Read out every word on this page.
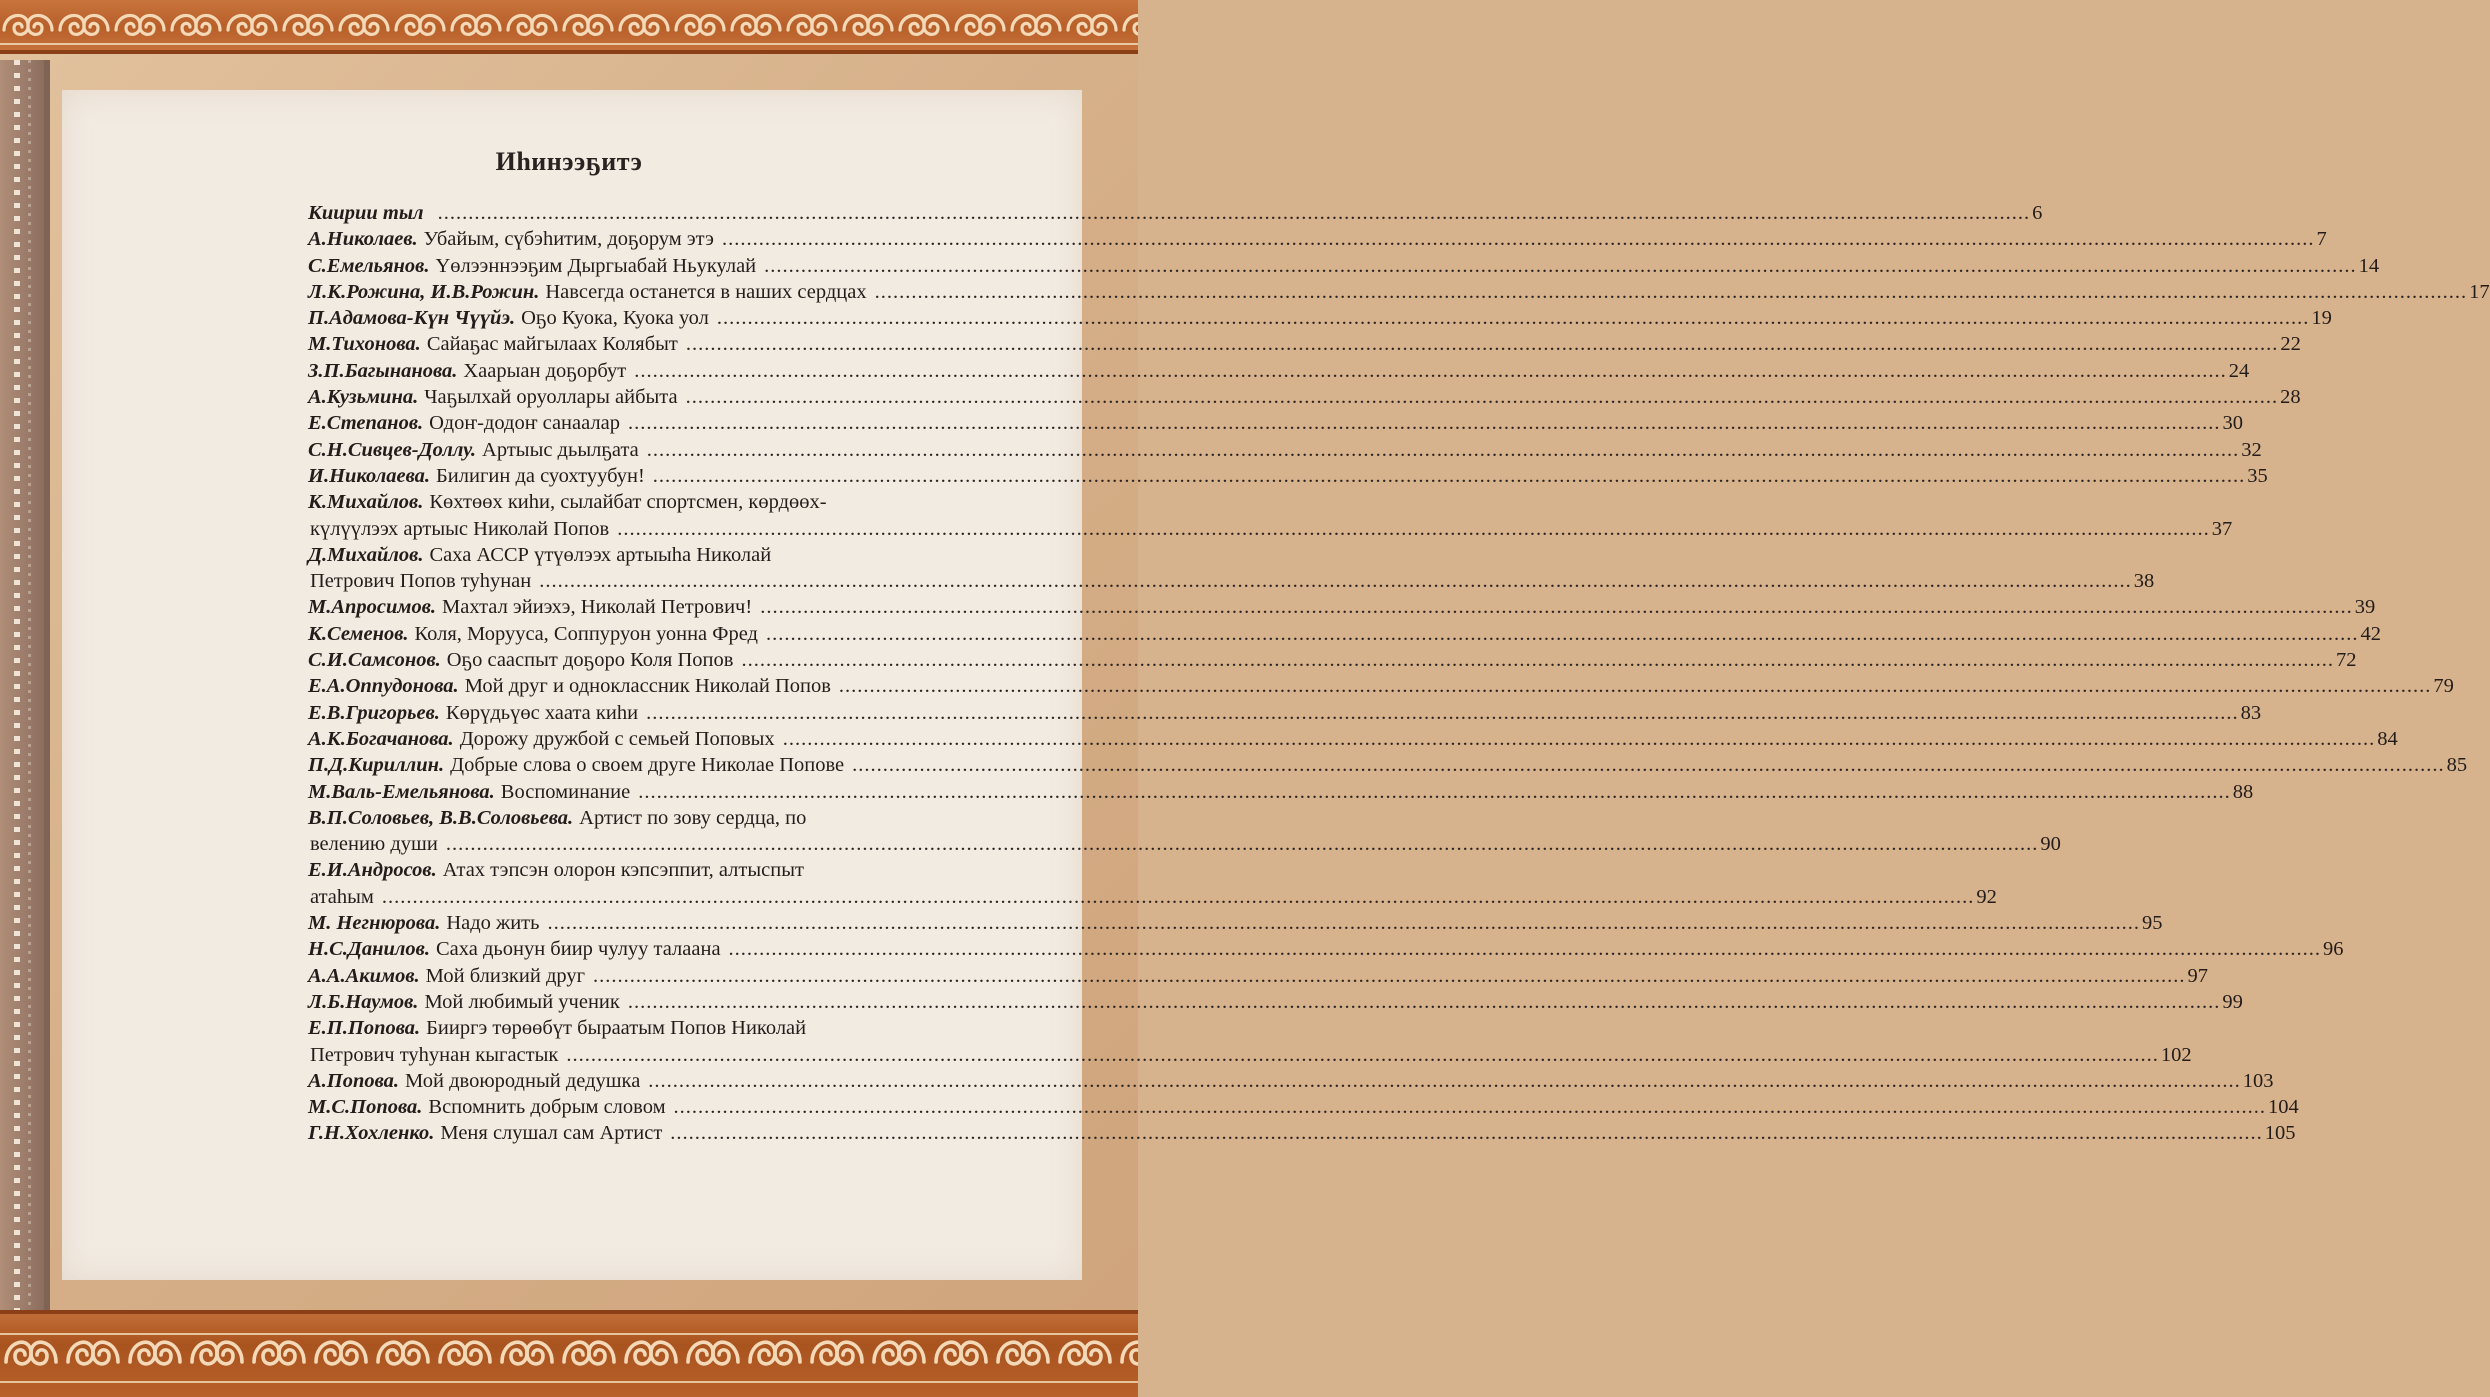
Иhинээҕитэ
Киирии тыл .................................................................................................................................................................................................................................................................... 6
А.Николаев. Убайым, сүбэhитим, доҕорум этэ .................................................................................................................................................................................................................................................................... 7
С.Емельянов. Үөлээннээҕим Дыргыабай Ньукулай .................................................................................................................................................................................................................................................................... 14
Л.К.Рожина, И.В.Рожин. Навсегда останется в наших сердцах .................................................................................................................................................................................................................................................................... 17
П.Адамова-Күн Чүүйэ. Оҕо Куока, Куока уол .................................................................................................................................................................................................................................................................... 19
М.Тихонова. Сайаҕас майгылаах Колябыт .................................................................................................................................................................................................................................................................... 22
З.П.Багынанова. Хаарыан доҕорбут .................................................................................................................................................................................................................................................................... 24
А.Кузьмина. Чаҕылхай оруоллары айбыта .................................................................................................................................................................................................................................................................... 28
Е.Степанов. Одоҥ-додоҥ санаалар .................................................................................................................................................................................................................................................................... 30
С.Н.Сивцев-Доллу. Артыыс дьылҕата .................................................................................................................................................................................................................................................................... 32
И.Николаева. Билигин да суохтуубун! .................................................................................................................................................................................................................................................................... 35
К.Михайлов. Көхтөөх киhи, сылайбат спортсмен, көрдөөх-
күлүүлээх артыыс Николай Попов .................................................................................................................................................................................................................................................................... 37
Д.Михайлов. Саха АССР үтүөлээх артыыhа Николай
Петрович Попов туhунан .................................................................................................................................................................................................................................................................... 38
М.Апросимов. Махтал эйиэхэ, Николай Петрович! .................................................................................................................................................................................................................................................................... 39
К.Семенов. Коля, Моруусa, Соппуруон уонна Фред .................................................................................................................................................................................................................................................................... 42
С.И.Самсонов. Оҕо сааспыт доҕоро Коля Попов .................................................................................................................................................................................................................................................................... 72
Е.А.Оппудонова. Мой друг и одноклассник Николай Попов .................................................................................................................................................................................................................................................................... 79
Е.В.Григорьев. Көрүдьүөс хаата киhи .................................................................................................................................................................................................................................................................... 83
А.К.Богачанова. Дорожу дружбой с семьей Поповых .................................................................................................................................................................................................................................................................... 84
П.Д.Кириллин. Добрые слова о своем друге Николае Попове .................................................................................................................................................................................................................................................................... 85
М.Валь-Емельянова. Воспоминание .................................................................................................................................................................................................................................................................... 88
В.П.Соловьев, В.В.Соловьева. Артист по зову сердца, по
велению души .................................................................................................................................................................................................................................................................... 90
Е.И.Андросов. Атах тэпсэн олорон кэпсэппит, алтыспыт
атаhым .................................................................................................................................................................................................................................................................... 92
М. Негнюрова. Надо жить .................................................................................................................................................................................................................................................................... 95
Н.С.Данилов. Саха дьонун биир чулуу талаана .................................................................................................................................................................................................................................................................... 96
А.А.Акимов. Мой близкий друг .................................................................................................................................................................................................................................................................... 97
Л.Б.Наумов. Мой любимый ученик .................................................................................................................................................................................................................................................................... 99
Е.П.Попова. Бииргэ төрөөбүт быраатым Попов Николай
Петрович туhунан кыгастык .................................................................................................................................................................................................................................................................... 102
А.Попова. Мой двоюродный дедушка .................................................................................................................................................................................................................................................................... 103
М.С.Попова. Вспомнить добрым словом .................................................................................................................................................................................................................................................................... 104
Г.Н.Хохленко. Меня слушал сам Артист .................................................................................................................................................................................................................................................................... 105
